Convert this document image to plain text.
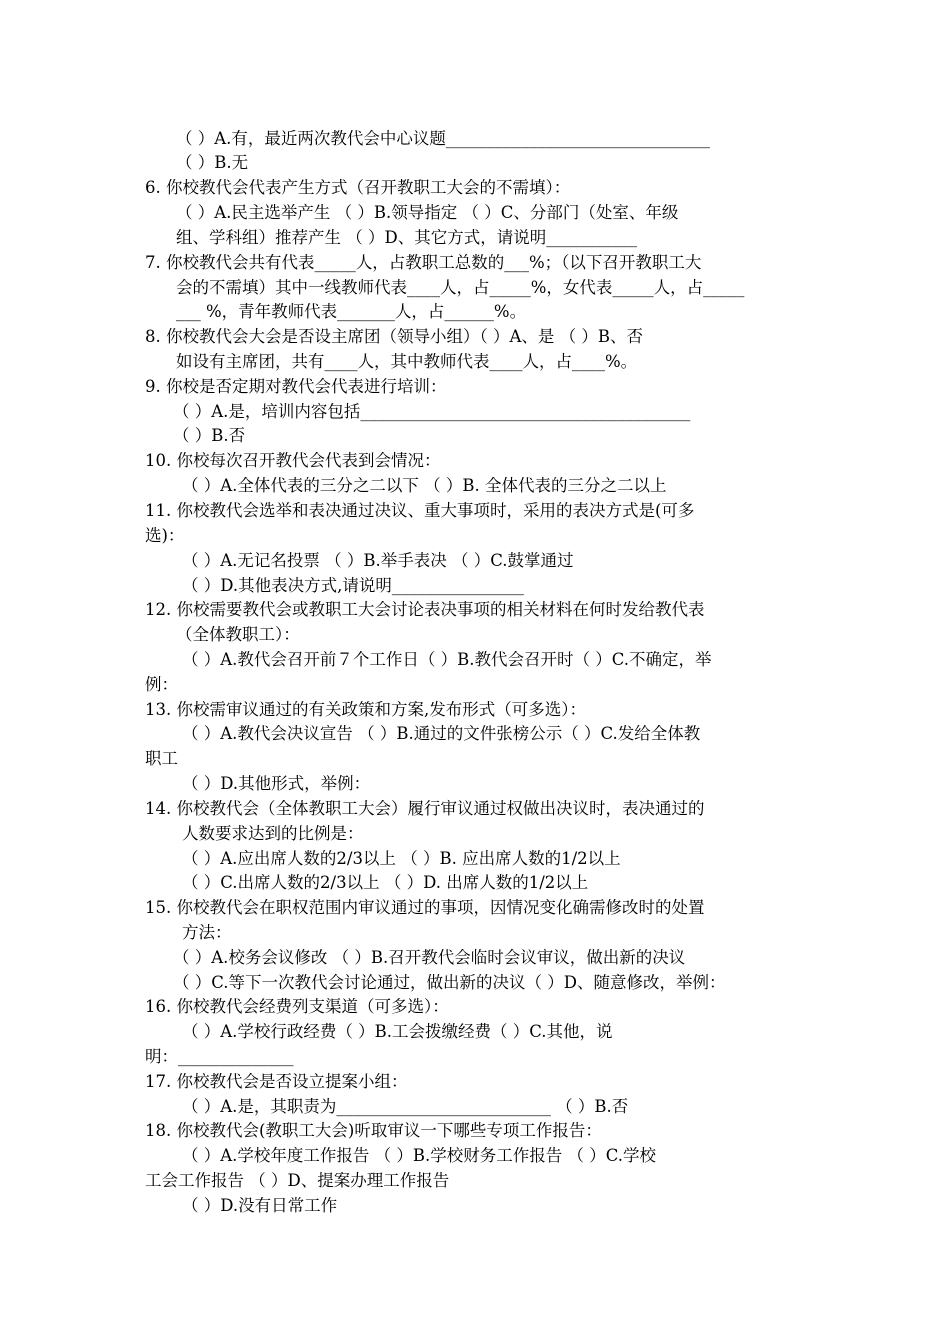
（ ）A.有，最近两次教代会中心议题________________________________
（ ）B.无
6. 你校教代会代表产生方式（召开教职工大会的不需填）：
（ ）A.民主选举产生 （ ）B.领导指定 （ ）C、分部门（处室、年级
组、学科组）推荐产生 （ ）D、其它方式，请说明___________
7. 你校教代会共有代表_____人，占教职工总数的___%；（以下召开教职工大
会的不需填）其中一线教师代表____人，占_____%，女代表_____人，占_____
___ %，青年教师代表_______人，占______%。
8. 你校教代会大会是否设主席团（领导小组）（ ）A、是 （ ）B、否
如设有主席团，共有____人，其中教师代表____人，占____%。
9. 你校是否定期对教代会代表进行培训：
（ ）A.是，培训内容包括________________________________________
（ ）B.否
10. 你校每次召开教代会代表到会情况：
（ ）A.全体代表的三分之二以下 （ ）B. 全体代表的三分之二以上
11. 你校教代会选举和表决通过决议、重大事项时，采用的表决方式是(可多
选)：
（ ）A.无记名投票 （ ）B.举手表决 （ ）C.鼓掌通过
（ ）D.其他表决方式,请说明________________
12. 你校需要教代会或教职工大会讨论表决事项的相关材料在何时发给教代表
（全体教职工）：
（ ）A.教代会召开前７个工作日（ ）B.教代会召开时（ ）C.不确定，举
例：
13. 你校需审议通过的有关政策和方案,发布形式（可多选）：
（ ）A.教代会决议宣告 （ ）B.通过的文件张榜公示（ ）C.发给全体教
职工
（ ）D.其他形式，举例：
14. 你校教代会（全体教职工大会）履行审议通过权做出决议时，表决通过的
人数要求达到的比例是：
（ ）A.应出席人数的2/3以上 （ ）B. 应出席人数的1/2以上
（ ）C.出席人数的2/3以上 （ ）D. 出席人数的1/2以上
15. 你校教代会在职权范围内审议通过的事项，因情况变化确需修改时的处置
方法：
（ ）A.校务会议修改 （ ）B.召开教代会临时会议审议，做出新的决议
（ ）C.等下一次教代会讨论通过，做出新的决议（ ）D、随意修改，举例：
16. 你校教代会经费列支渠道（可多选）：
（ ）A.学校行政经费（ ）B.工会拨缴经费（ ）C.其他，说
明：______________
17. 你校教代会是否设立提案小组：
（ ）A.是，其职责为__________________________ （ ）B.否
18. 你校教代会(教职工大会)听取审议一下哪些专项工作报告：
（ ）A.学校年度工作报告 （ ）B.学校财务工作报告 （ ）C.学校
工会工作报告 （ ）D、提案办理工作报告
（ ）D.没有日常工作
